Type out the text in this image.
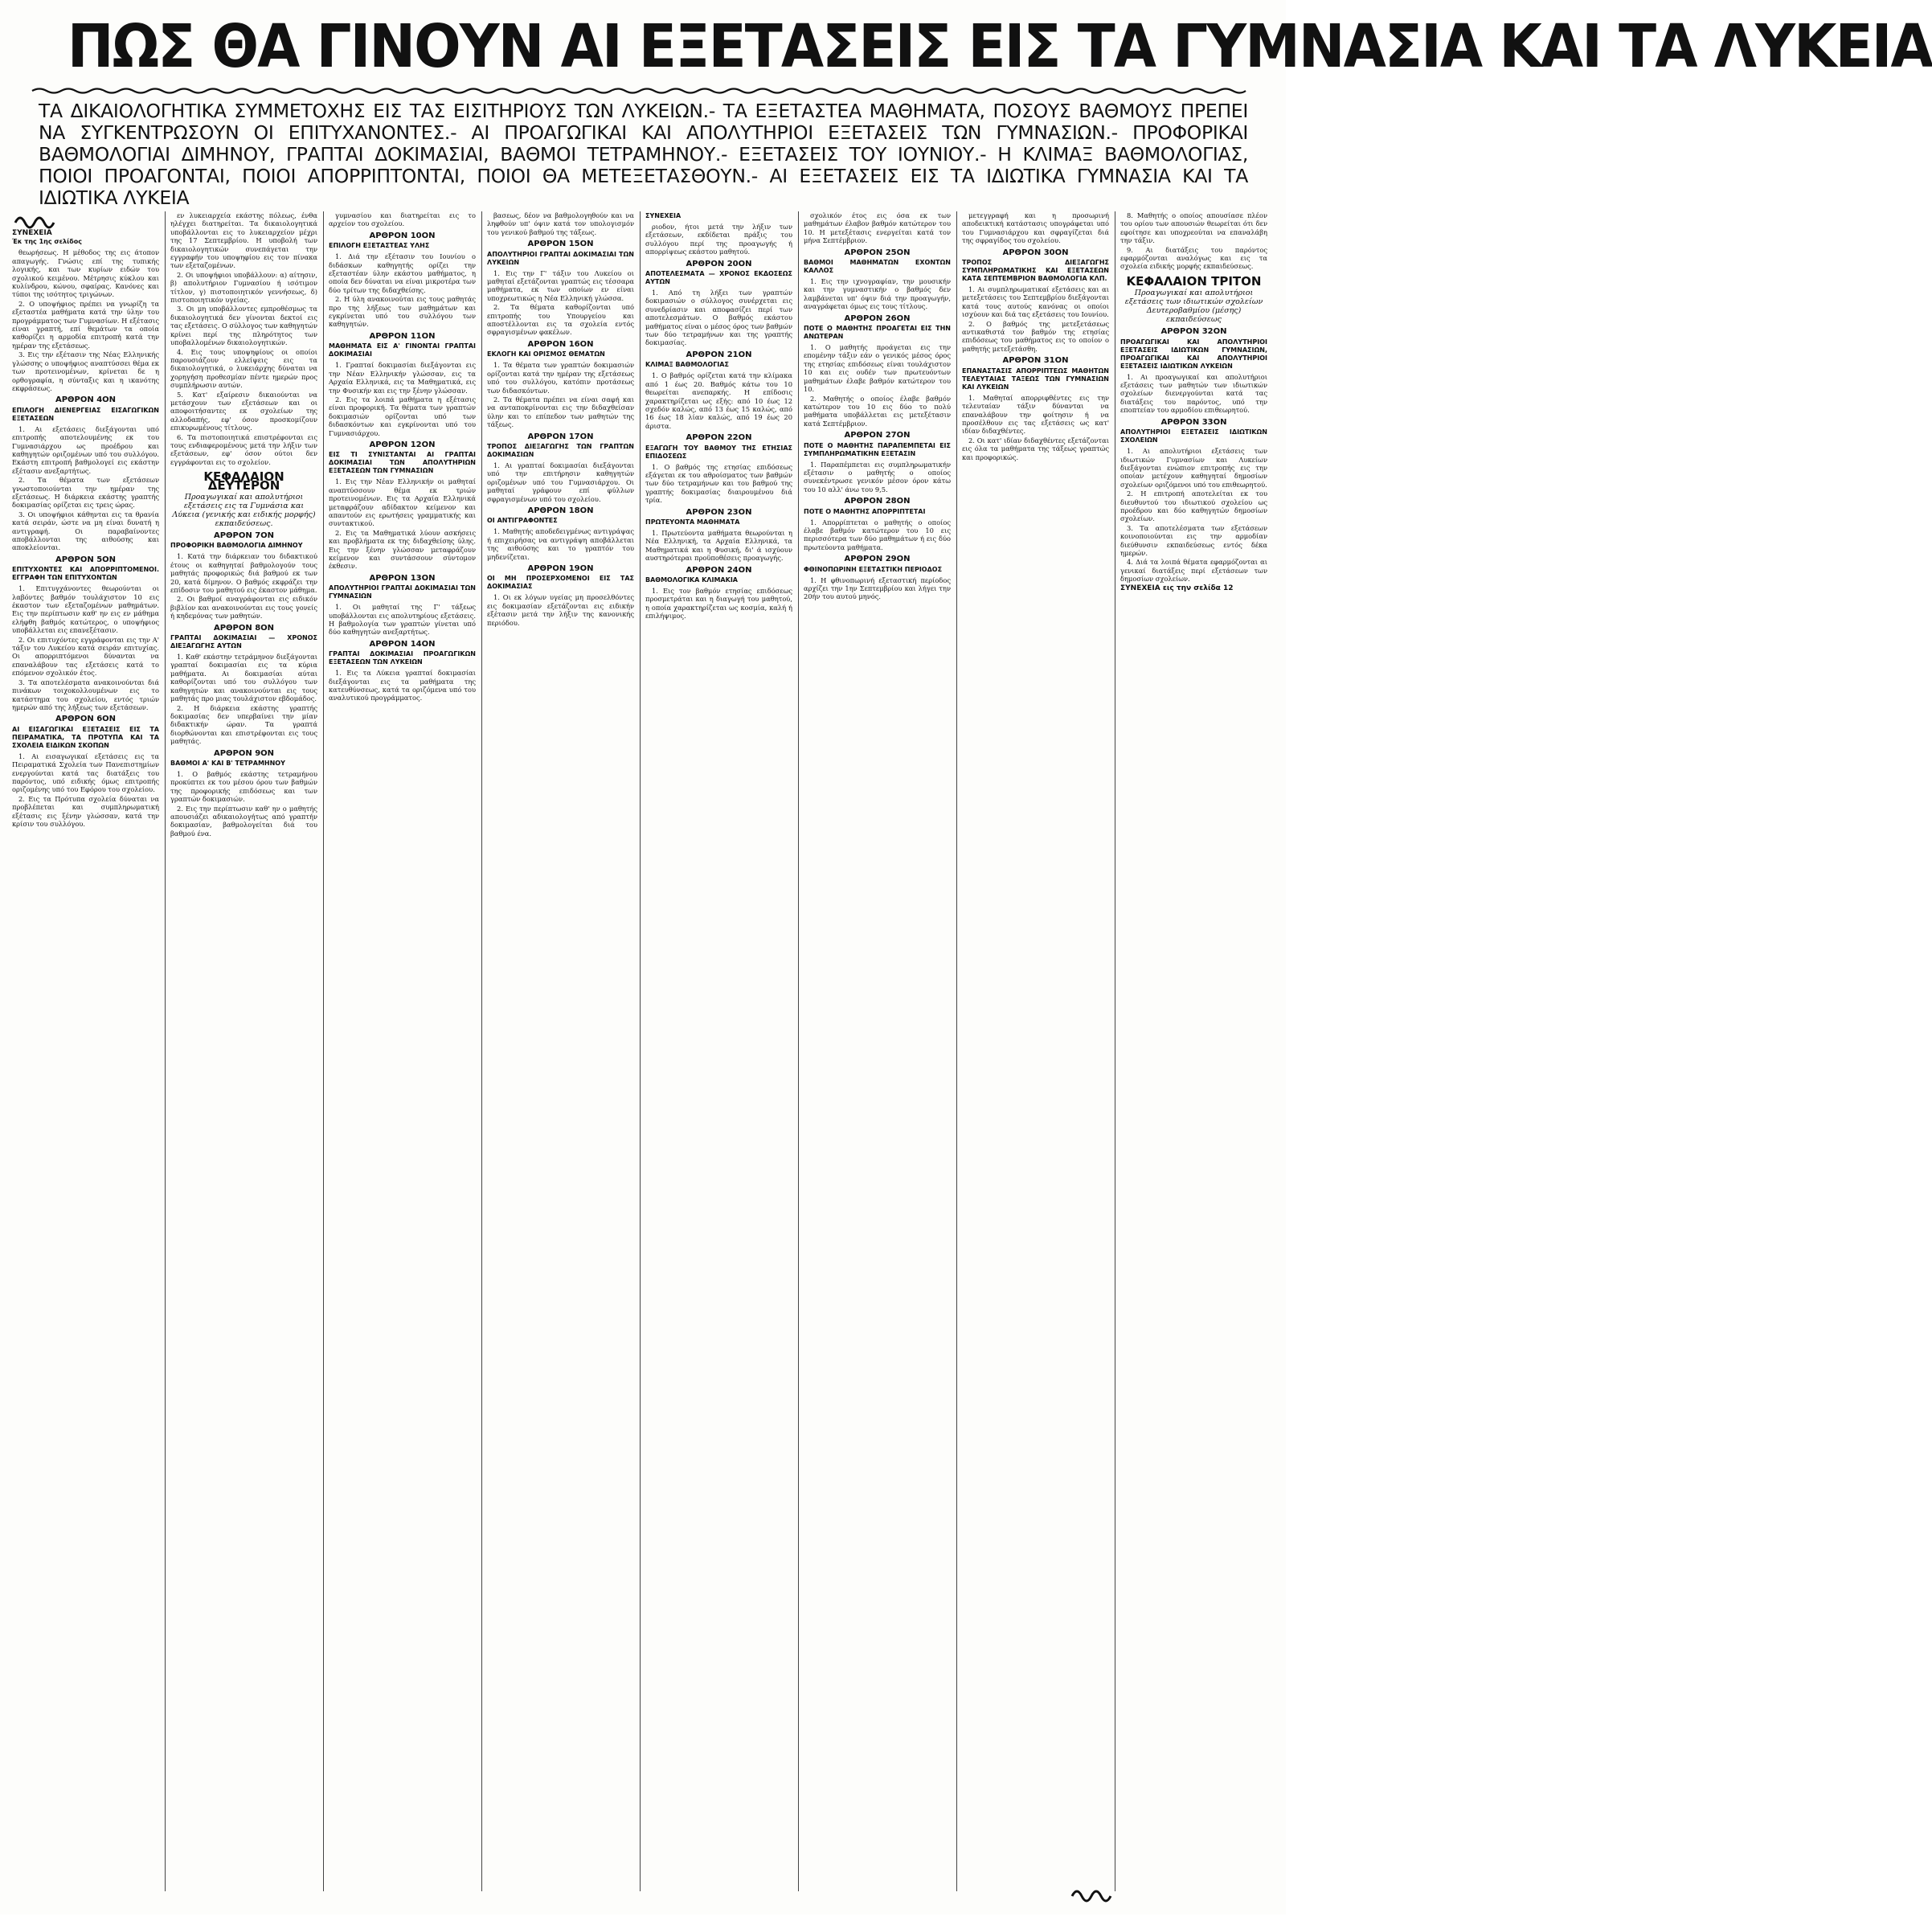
ΠΩΣ ΘΑ ΓΙΝΟΥΝ ΑΙ ΕΞΕΤΑΣΕΙΣ ΕΙΣ ΤΑ ΓΥΜΝΑΣΙΑ ΚΑΙ ΤΑ ΛΥΚΕΙΑ
ΤΑ ΔΙΚΑΙΟΛΟΓΗΤΙΚΑ ΣΥΜΜΕΤΟΧΗΣ ΕΙΣ ΤΑΣ ΕΙΣΙΤΗΡΙΟΥΣ ΤΩΝ ΛΥΚΕΙΩΝ.- ΤΑ ΕΞΕΤΑΣΤΕΑ ΜΑΘΗΜΑΤΑ, ΠΟΣΟΥΣ ΒΑΘΜΟΥΣ ΠΡΕΠΕΙ ΝΑ ΣΥΓΚΕΝΤΡΩΣΟΥΝ ΟΙ ΕΠΙΤΥΧΑΝΟΝΤΕΣ.- ΑΙ ΠΡΟΑΓΩΓΙΚΑΙ ΚΑΙ ΑΠΟΛΥΤΗΡΙΟΙ ΕΞΕΤΑΣΕΙΣ ΤΩΝ ΓΥΜΝΑΣΙΩΝ.- ΠΡΟΦΟΡΙΚΑΙ ΒΑΘΜΟΛΟΓΙΑΙ ΔΙΜΗΝΟΥ, ΓΡΑΠΤΑΙ ΔΟΚΙΜΑΣΙΑΙ, ΒΑΘΜΟΙ ΤΕΤΡΑΜΗΝΟΥ.- ΕΞΕΤΑΣΕΙΣ ΤΟΥ ΙΟΥΝΙΟΥ.- Η ΚΛΙΜΑΞ ΒΑΘΜΟΛΟΓΙΑΣ, ΠΟΙΟΙ ΠΡΟΑΓΟΝΤΑΙ, ΠΟΙΟΙ ΑΠΟΡΡΙΠΤΟΝΤΑΙ, ΠΟΙΟΙ ΘΑ ΜΕΤΕΞΕΤΑΣΘΟΥΝ.- ΑΙ ΕΞΕΤΑΣΕΙΣ ΕΙΣ ΤΑ ΙΔΙΩΤΙΚΑ ΓΥΜΝΑΣΙΑ ΚΑΙ ΤΑ ΙΔΙΩΤΙΚΑ ΛΥΚΕΙΑ
ΣΥΝΕΧΕΙΑ
Έκ της 1ης σελίδος

θεωρήσεως. Η μέθοδος της εις άτοπον απαγωγής. Γνώσις επί της τυπικής λογικής, και των κυρίων ειδών του σχολικού κειμένου. Μέτρησις κύκλου και κυλίνδρου, κώνου, σφαίρας. Κανόνες και τύποι της ισότητος τριγώνων.

2. Ο υποψήφιος πρέπει να γνωρίζη τα εξεταστέα μαθήματα κατά την ύλην του προγράμματος των Γυμνασίων. Η εξέτασις είναι γραπτή, επί θεμάτων τα οποία καθορίζει η αρμοδία επιτροπή κατά την ημέραν της εξετάσεως.

3. Εις την εξέτασιν της Νέας Ελληνικής γλώσσης ο υποψήφιος αναπτύσσει θέμα εκ των προτεινομένων, κρίνεται δε η ορθογραφία, η σύνταξις και η ικανότης εκφράσεως.

ΑΡΘΡΟΝ 4ΟΝ
ΕΠΙΛΟΓΗ ΔΙΕΝΕΡΓΕΙΑΣ ΕΙΣΑΓΩΓΙΚΩΝ ΕΞΕΤΑΣΕΩΝ

1. Αι εξετάσεις διεξάγονται υπό επιτροπής αποτελουμένης εκ του Γυμνασιάρχου ως προέδρου και καθηγητών οριζομένων υπό του συλλόγου. Εκάστη επιτροπή βαθμολογεί εις εκάστην εξέτασιν ανεξαρτήτως.

2. Τα θέματα των εξετάσεων γνωστοποιούνται την ημέραν της εξετάσεως. Η διάρκεια εκάστης γραπτής δοκιμασίας ορίζεται εις τρεις ώρας.

3. Οι υποψήφιοι κάθηνται εις τα θρανία κατά σειράν, ώστε να μη είναι δυνατή η αντιγραφή. Οι παραβαίνοντες αποβάλλονται της αιθούσης και αποκλείονται.

ΑΡΘΡΟΝ 5ΟΝ
ΕΠΙΤΥΧΟΝΤΕΣ ΚΑΙ ΑΠΟΡΡΙΠΤΟΜΕΝΟΙ. ΕΓΓΡΑΦΗ ΤΩΝ ΕΠΙΤΥΧΟΝΤΩΝ

1. Επιτυγχάνοντες θεωρούνται οι λαβόντες βαθμόν τουλάχιστον 10 εις έκαστον των εξεταζομένων μαθημάτων. Εις την περίπτωσιν καθ' ην εις εν μάθημα ελήφθη βαθμός κατώτερος, ο υποψήφιος υποβάλλεται εις επανεξέτασιν.

2. Οι επιτυχόντες εγγράφονται εις την Α' τάξιν του Λυκείου κατά σειράν επιτυχίας. Οι απορριπτόμενοι δύνανται να επαναλάβουν τας εξετάσεις κατά το επόμενον σχολικόν έτος.

3. Τα αποτελέσματα ανακοινούνται διά πινάκων τοιχοκολλουμένων εις το κατάστημα του σχολείου, εντός τριών ημερών από της λήξεως των εξετάσεων.

ΑΡΘΡΟΝ 6ΟΝ
ΑΙ ΕΙΣΑΓΩΓΙΚΑΙ ΕΞΕΤΑΣΕΙΣ ΕΙΣ ΤΑ ΠΕΙΡΑΜΑΤΙΚΑ, ΤΑ ΠΡΟΤΥΠΑ ΚΑΙ ΤΑ ΣΧΟΛΕΙΑ ΕΙΔΙΚΩΝ ΣΚΟΠΩΝ

1. Αι εισαγωγικαί εξετάσεις εις τα Πειραματικά Σχολεία των Πανεπιστημίων ενεργούνται κατά τας διατάξεις του παρόντος, υπό ειδικής όμως επιτροπής οριζομένης υπό του Εφόρου του σχολείου.

2. Εις τα Πρότυπα σχολεία δύναται να προβλέπεται και συμπληρωματική εξέτασις εις ξένην γλώσσαν, κατά την κρίσιν του συλλόγου.

εν λυκειαρχεία εκάστης πόλεως, ένθα ηλέγχει διατηρείται. Τα δικαιολογητικά υποβάλλονται εις το λυκειαρχείον μέχρι της 17 Σεπτεμβρίου. Η υποβολή των δικαιολογητικών συνεπάγεται την εγγραφήν του υποψηφίου εις τον πίνακα των εξεταζομένων.

2. Οι υποψήφιοι υποβάλλουν: α) αίτησιν, β) απολυτήριον Γυμνασίου ή ισότιμον τίτλον, γ) πιστοποιητικόν γεννήσεως, δ) πιστοποιητικόν υγείας.

3. Οι μη υποβάλλοντες εμπροθέσμως τα δικαιολογητικά δεν γίνονται δεκτοί εις τας εξετάσεις. Ο σύλλογος των καθηγητών κρίνει περί της πληρότητος των υποβαλλομένων δικαιολογητικών.

4. Εις τους υποψηφίους οι οποίοι παρουσιάζουν ελλείψεις εις τα δικαιολογητικά, ο λυκειάρχης δύναται να χορηγήση προθεσμίαν πέντε ημερών προς συμπλήρωσιν αυτών.

5. Κατ' εξαίρεσιν δικαιούνται να μετάσχουν των εξετάσεων και οι αποφοιτήσαντες εκ σχολείων της αλλοδαπής, εφ' όσον προσκομίζουν επικυρωμένους τίτλους.

6. Τα πιστοποιητικά επιστρέφονται εις τους ενδιαφερομένους μετά την λήξιν των εξετάσεων, εφ' όσον ούτοι δεν εγγράφονται εις το σχολείον.

ΚΕΦΑΛΑΙΟΝ ΔΕΥΤΕΡΟΝ
Προαγωγικαί και απολυτήριοι εξετάσεις εις τα Γυμνάσια και Λύκεια (γενικής και ειδικής μορφής) εκπαιδεύσεως.
ΑΡΘΡΟΝ 7ΟΝ
ΠΡΟΦΟΡΙΚΗ ΒΑΘΜΟΛΟΓΙΑ ΔΙΜΗΝΟΥ

1. Κατά την διάρκειαν του διδακτικού έτους οι καθηγηταί βαθμολογούν τους μαθητάς προφορικώς διά βαθμού εκ των 20, κατά δίμηνον. Ο βαθμός εκφράζει την επίδοσιν του μαθητού εις έκαστον μάθημα.

2. Οι βαθμοί αναγράφονται εις ειδικόν βιβλίον και ανακοινούνται εις τους γονείς ή κηδεμόνας των μαθητών.

ΑΡΘΡΟΝ 8ΟΝ
ΓΡΑΠΤΑΙ ΔΟΚΙΜΑΣΙΑΙ — ΧΡΟΝΟΣ ΔΙΕΞΑΓΩΓΗΣ ΑΥΤΩΝ

1. Καθ' εκάστην τετράμηνον διεξάγονται γραπταί δοκιμασίαι εις τα κύρια μαθήματα. Αι δοκιμασίαι αύται καθορίζονται υπό του συλλόγου των καθηγητών και ανακοινούνται εις τους μαθητάς προ μιας τουλάχιστον εβδομάδος.

2. Η διάρκεια εκάστης γραπτής δοκιμασίας δεν υπερβαίνει την μίαν διδακτικήν ώραν. Τα γραπτά διορθώνονται και επιστρέφονται εις τους μαθητάς.

ΑΡΘΡΟΝ 9ΟΝ
ΒΑΘΜΟΙ Α' ΚΑΙ Β' ΤΕΤΡΑΜΗΝΟΥ

1. Ο βαθμός εκάστης τετραμήνου προκύπτει εκ του μέσου όρου των βαθμών της προφορικής επιδόσεως και των γραπτών δοκιμασιών.

2. Εις την περίπτωσιν καθ' ην ο μαθητής απουσιάζει αδικαιολογήτως από γραπτήν δοκιμασίαν, βαθμολογείται διά του βαθμού ένα.

γυμνασίου και διατηρείται εις το αρχείον του σχολείου.

ΑΡΘΡΟΝ 10ΟΝ
ΕΠΙΛΟΓΗ ΕΞΕΤΑΣΤΕΑΣ ΥΛΗΣ

1. Διά την εξέτασιν του Ιουνίου ο διδάσκων καθηγητής ορίζει την εξεταστέαν ύλην εκάστου μαθήματος, η οποία δεν δύναται να είναι μικροτέρα των δύο τρίτων της διδαχθείσης.

2. Η ύλη ανακοινούται εις τους μαθητάς προ της λήξεως των μαθημάτων και εγκρίνεται υπό του συλλόγου των καθηγητών.

ΑΡΘΡΟΝ 11ΟΝ
ΜΑΘΗΜΑΤΑ ΕΙΣ Α' ΓΙΝΟΝΤΑΙ ΓΡΑΠΤΑΙ ΔΟΚΙΜΑΣΙΑΙ

1. Γραπταί δοκιμασίαι διεξάγονται εις την Νέαν Ελληνικήν γλώσσαν, εις τα Αρχαία Ελληνικά, εις τα Μαθηματικά, εις την Φυσικήν και εις την ξένην γλώσσαν.

2. Εις τα λοιπά μαθήματα η εξέτασις είναι προφορική. Τα θέματα των γραπτών δοκιμασιών ορίζονται υπό των διδασκόντων και εγκρίνονται υπό του Γυμνασιάρχου.

ΑΡΘΡΟΝ 12ΟΝ
ΕΙΣ ΤΙ ΣΥΝΙΣΤΑΝΤΑΙ ΑΙ ΓΡΑΠΤΑΙ ΔΟΚΙΜΑΣΙΑΙ ΤΩΝ ΑΠΟΛΥΤΗΡΙΩΝ ΕΞΕΤΑΣΕΩΝ ΤΩΝ ΓΥΜΝΑΣΙΩΝ

1. Εις την Νέαν Ελληνικήν οι μαθηταί αναπτύσσουν θέμα εκ τριών προτεινομένων. Εις τα Αρχαία Ελληνικά μεταφράζουν αδίδακτον κείμενον και απαντούν εις ερωτήσεις γραμματικής και συντακτικού.

2. Εις τα Μαθηματικά λύουν ασκήσεις και προβλήματα εκ της διδαχθείσης ύλης. Εις την ξένην γλώσσαν μεταφράζουν κείμενον και συντάσσουν σύντομον έκθεσιν.

ΑΡΘΡΟΝ 13ΟΝ
ΑΠΟΛΥΤΗΡΙΟΙ ΓΡΑΠΤΑΙ ΔΟΚΙΜΑΣΙΑΙ ΤΩΝ ΓΥΜΝΑΣΙΩΝ

1. Οι μαθηταί της Γ' τάξεως υποβάλλονται εις απολυτηρίους εξετάσεις. Η βαθμολογία των γραπτών γίνεται υπό δύο καθηγητών ανεξαρτήτως.

ΑΡΘΡΟΝ 14ΟΝ
ΓΡΑΠΤΑΙ ΔΟΚΙΜΑΣΙΑΙ ΠΡΟΑΓΩΓΙΚΩΝ ΕΞΕΤΑΣΕΩΝ ΤΩΝ ΛΥΚΕΙΩΝ

1. Εις τα Λύκεια γραπταί δοκιμασίαι διεξάγονται εις τα μαθήματα της κατευθύνσεως, κατά τα οριζόμενα υπό του αναλυτικού προγράμματος.

βασεως, δέον να βαθμολογηθούν και να ληφθούν υπ' όψιν κατά τον υπολογισμόν του γενικού βαθμού της τάξεως.

ΑΡΘΡΟΝ 15ΟΝ
ΑΠΟΛΥΤΗΡΙΟΙ ΓΡΑΠΤΑΙ ΔΟΚΙΜΑΣΙΑΙ ΤΩΝ ΛΥΚΕΙΩΝ

1. Εις την Γ' τάξιν του Λυκείου οι μαθηταί εξετάζονται γραπτώς εις τέσσαρα μαθήματα, εκ των οποίων εν είναι υποχρεωτικώς η Νέα Ελληνική γλώσσα.

2. Τα θέματα καθορίζονται υπό επιτροπής του Υπουργείου και αποστέλλονται εις τα σχολεία εντός σφραγισμένων φακέλων.

ΑΡΘΡΟΝ 16ΟΝ
ΕΚΛΟΓΗ ΚΑΙ ΟΡΙΣΜΟΣ ΘΕΜΑΤΩΝ

1. Τα θέματα των γραπτών δοκιμασιών ορίζονται κατά την ημέραν της εξετάσεως υπό του συλλόγου, κατόπιν προτάσεως των διδασκόντων.

2. Τα θέματα πρέπει να είναι σαφή και να ανταποκρίνονται εις την διδαχθείσαν ύλην και το επίπεδον των μαθητών της τάξεως.

ΑΡΘΡΟΝ 17ΟΝ
ΤΡΟΠΟΣ ΔΙΕΞΑΓΩΓΗΣ ΤΩΝ ΓΡΑΠΤΩΝ ΔΟΚΙΜΑΣΙΩΝ

1. Αι γραπταί δοκιμασίαι διεξάγονται υπό την επιτήρησιν καθηγητών οριζομένων υπό του Γυμνασιάρχου. Οι μαθηταί γράφουν επί φύλλων σφραγισμένων υπό του σχολείου.

ΑΡΘΡΟΝ 18ΟΝ
ΟΙ ΑΝΤΙΓΡΑΦΟΝΤΕΣ

1. Μαθητής αποδεδειγμένως αντιγράψας ή επιχειρήσας να αντιγράψη αποβάλλεται της αιθούσης και το γραπτόν του μηδενίζεται.

ΑΡΘΡΟΝ 19ΟΝ
ΟΙ ΜΗ ΠΡΟΣΕΡΧΟΜΕΝΟΙ ΕΙΣ ΤΑΣ ΔΟΚΙΜΑΣΙΑΣ

1. Οι εκ λόγων υγείας μη προσελθόντες εις δοκιμασίαν εξετάζονται εις ειδικήν εξέτασιν μετά την λήξιν της κανονικής περιόδου.

ΣΥΝΕΧΕΙΑ

ριοδον, ήτοι μετά την λήξιν των εξετάσεων, εκδίδεται πράξις του συλλόγου περί της προαγωγής ή απορρίψεως εκάστου μαθητού.

ΑΡΘΡΟΝ 20ΟΝ
ΑΠΟΤΕΛΕΣΜΑΤΑ — ΧΡΟΝΟΣ ΕΚΔΟΣΕΩΣ ΑΥΤΩΝ

1. Από τη λήξει των γραπτών δοκιμασιών ο σύλλογος συνέρχεται εις συνεδρίασιν και αποφασίζει περί των αποτελεσμάτων. Ο βαθμός εκάστου μαθήματος είναι ο μέσος όρος των βαθμών των δύο τετραμήνων και της γραπτής δοκιμασίας.

ΑΡΘΡΟΝ 21ΟΝ
ΚΛΙΜΑΞ ΒΑΘΜΟΛΟΓΙΑΣ

1. Ο βαθμός ορίζεται κατά την κλίμακα από 1 έως 20. Βαθμός κάτω του 10 θεωρείται ανεπαρκής. Η επίδοσις χαρακτηρίζεται ως εξής: από 10 έως 12 σχεδόν καλώς, από 13 έως 15 καλώς, από 16 έως 18 λίαν καλώς, από 19 έως 20 άριστα.

ΑΡΘΡΟΝ 22ΟΝ
ΕΞΑΓΩΓΗ ΤΟΥ ΒΑΘΜΟΥ ΤΗΣ ΕΤΗΣΙΑΣ ΕΠΙΔΟΣΕΩΣ

1. Ο βαθμός της ετησίας επιδόσεως εξάγεται εκ του αθροίσματος των βαθμών των δύο τετραμήνων και του βαθμού της γραπτής δοκιμασίας διαιρουμένου διά τρία.

ΑΡΘΡΟΝ 23ΟΝ
ΠΡΩΤΕΥΟΝΤΑ ΜΑΘΗΜΑΤΑ

1. Πρωτεύοντα μαθήματα θεωρούνται η Νέα Ελληνική, τα Αρχαία Ελληνικά, τα Μαθηματικά και η Φυσική, δι' ά ισχύουν αυστηρότεραι προϋποθέσεις προαγωγής.

ΑΡΘΡΟΝ 24ΟΝ
ΒΑΘΜΟΛΟΓΙΚΑ ΚΛΙΜΑΚΙΑ

1. Εις τον βαθμόν ετησίας επιδόσεως προσμετράται και η διαγωγή του μαθητού, η οποία χαρακτηρίζεται ως κοσμία, καλή ή επιλήψιμος.

σχολικόν έτος εις όσα εκ των μαθημάτων έλαβον βαθμόν κατώτερον του 10. Η μετεξέτασις ενεργείται κατά τον μήνα Σεπτέμβριον.

ΑΡΘΡΟΝ 25ΟΝ
ΒΑΘΜΟΙ ΜΑΘΗΜΑΤΩΝ ΕΧΟΝΤΩΝ ΚΑΛΛΟΣ

1. Εις την ιχνογραφίαν, την μουσικήν και την γυμναστικήν ο βαθμός δεν λαμβάνεται υπ' όψιν διά την προαγωγήν, αναγράφεται όμως εις τους τίτλους.

ΑΡΘΡΟΝ 26ΟΝ
ΠΟΤΕ Ο ΜΑΘΗΤΗΣ ΠΡΟΑΓΕΤΑΙ ΕΙΣ ΤΗΝ ΑΝΩΤΕΡΑΝ

1. Ο μαθητής προάγεται εις την επομένην τάξιν εάν ο γενικός μέσος όρος της ετησίας επιδόσεως είναι τουλάχιστον 10 και εις ουδέν των πρωτευόντων μαθημάτων έλαβε βαθμόν κατώτερον του 10.

2. Μαθητής ο οποίος έλαβε βαθμόν κατώτερον του 10 εις δύο το πολύ μαθήματα υποβάλλεται εις μετεξέτασιν κατά Σεπτέμβριον.

ΑΡΘΡΟΝ 27ΟΝ
ΠΟΤΕ Ο ΜΑΘΗΤΗΣ ΠΑΡΑΠΕΜΠΕΤΑΙ ΕΙΣ ΣΥΜΠΛΗΡΩΜΑΤΙΚΗΝ ΕΞΕΤΑΣΙΝ

1. Παραπέμπεται εις συμπληρωματικήν εξέτασιν ο μαθητής ο οποίος συνεκέντρωσε γενικόν μέσον όρον κάτω του 10 αλλ' άνω του 9,5.

ΑΡΘΡΟΝ 28ΟΝ
ΠΟΤΕ Ο ΜΑΘΗΤΗΣ ΑΠΟΡΡΙΠΤΕΤΑΙ

1. Απορρίπτεται ο μαθητής ο οποίος έλαβε βαθμόν κατώτερον του 10 εις περισσότερα των δύο μαθημάτων ή εις δύο πρωτεύοντα μαθήματα.

ΑΡΘΡΟΝ 29ΟΝ
ΦΘΙΝΟΠΩΡΙΝΗ ΕΞΕΤΑΣΤΙΚΗ ΠΕΡΙΟΔΟΣ

1. Η φθινοπωρινή εξεταστική περίοδος αρχίζει την 1ην Σεπτεμβρίου και λήγει την 20ήν του αυτού μηνός.

μετεγγραφή και η προσωρινή αποδεικτική κατάστασις υπογράφεται υπό του Γυμνασιάρχου και σφραγίζεται διά της σφραγίδος του σχολείου.

ΑΡΘΡΟΝ 30ΟΝ
ΤΡΟΠΟΣ ΔΙΕΞΑΓΩΓΗΣ ΣΥΜΠΛΗΡΩΜΑΤΙΚΗΣ ΚΑΙ ΕΞΕΤΑΣΕΩΝ ΚΑΤΑ ΣΕΠΤΕΜΒΡΙΟΝ ΒΑΘΜΟΛΟΓΙΑ ΚΛΠ.

1. Αι συμπληρωματικαί εξετάσεις και αι μετεξετάσεις του Σεπτεμβρίου διεξάγονται κατά τους αυτούς κανόνας οι οποίοι ισχύουν και διά τας εξετάσεις του Ιουνίου.

2. Ο βαθμός της μετεξετάσεως αντικαθιστά τον βαθμόν της ετησίας επιδόσεως του μαθήματος εις το οποίον ο μαθητής μετεξετάσθη.

ΑΡΘΡΟΝ 31ΟΝ
ΕΠΑΝΑΣΤΑΣΙΣ ΑΠΟΡΡΙΠΤΕΩΣ ΜΑΘΗΤΩΝ ΤΕΛΕΥΤΑΙΑΣ ΤΑΞΕΩΣ ΤΩΝ ΓΥΜΝΑΣΙΩΝ ΚΑΙ ΛΥΚΕΙΩΝ

1. Μαθηταί απορριφθέντες εις την τελευταίαν τάξιν δύνανται να επαναλάβουν την φοίτησιν ή να προσέλθουν εις τας εξετάσεις ως κατ' ιδίαν διδαχθέντες.

2. Οι κατ' ιδίαν διδαχθέντες εξετάζονται εις όλα τα μαθήματα της τάξεως γραπτώς και προφορικώς.

8. Μαθητής ο οποίος απουσίασε πλέον του ορίου των απουσιών θεωρείται ότι δεν εφοίτησε και υποχρεούται να επαναλάβη την τάξιν.

9. Αι διατάξεις του παρόντος εφαρμόζονται αναλόγως και εις τα σχολεία ειδικής μορφής εκπαιδεύσεως.

ΚΕΦΑΛΑΙΟΝ ΤΡΙΤΟΝ
Προαγωγικαί και απολυτήριοι εξετάσεις των ιδιωτικών σχολείων Δευτεροβαθμίου (μέσης) εκπαιδεύσεως
ΑΡΘΡΟΝ 32ΟΝ
ΠΡΟΑΓΩΓΙΚΑΙ ΚΑΙ ΑΠΟΛΥΤΗΡΙΟΙ ΕΞΕΤΑΣΕΙΣ ΙΔΙΩΤΙΚΩΝ ΓΥΜΝΑΣΙΩΝ, ΠΡΟΑΓΩΓΙΚΑΙ ΚΑΙ ΑΠΟΛΥΤΗΡΙΟΙ ΕΞΕΤΑΣΕΙΣ ΙΔΙΩΤΙΚΩΝ ΛΥΚΕΙΩΝ

1. Αι προαγωγικαί και απολυτήριοι εξετάσεις των μαθητών των ιδιωτικών σχολείων διενεργούνται κατά τας διατάξεις του παρόντος, υπό την εποπτείαν του αρμοδίου επιθεωρητού.

ΑΡΘΡΟΝ 33ΟΝ
ΑΠΟΛΥΤΗΡΙΟΙ ΕΞΕΤΑΣΕΙΣ ΙΔΙΩΤΙΚΩΝ ΣΧΟΛΕΙΩΝ

1. Αι απολυτήριοι εξετάσεις των ιδιωτικών Γυμνασίων και Λυκείων διεξάγονται ενώπιον επιτροπής εις την οποίαν μετέχουν καθηγηταί δημοσίων σχολείων οριζόμενοι υπό του επιθεωρητού.

2. Η επιτροπή αποτελείται εκ του διευθυντού του ιδιωτικού σχολείου ως προέδρου και δύο καθηγητών δημοσίων σχολείων.

3. Τα αποτελέσματα των εξετάσεων κοινοποιούνται εις την αρμοδίαν διεύθυνσιν εκπαιδεύσεως εντός δέκα ημερών.

4. Διά τα λοιπά θέματα εφαρμόζονται αι γενικαί διατάξεις περί εξετάσεων των δημοσίων σχολείων.

ΣΥΝΕΧΕΙΑ εις την σελίδα 12
